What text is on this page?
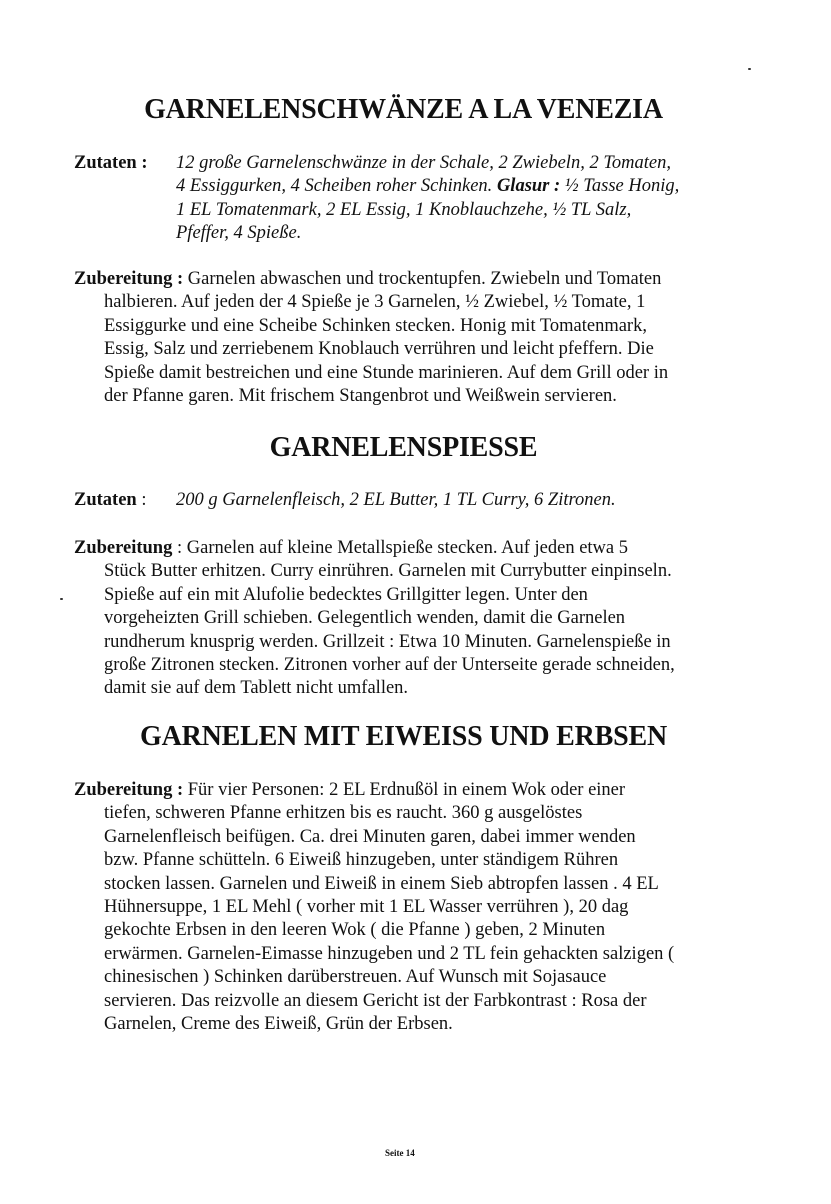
GARNELENSCHWÄNZE A LA VENEZIA
Zutaten : 12 große Garnelenschwänze in der Schale, 2 Zwiebeln, 2 Tomaten,
4 Essiggurken, 4 Scheiben roher Schinken. Glasur : ½ Tasse Honig,
1 EL Tomatenmark, 2 EL Essig, 1 Knoblauchzehe, ½ TL Salz,
Pfeffer, 4 Spieße.
Zubereitung : Garnelen abwaschen und trockentupfen. Zwiebeln und Tomaten
halbieren. Auf jeden der 4 Spieße je 3 Garnelen, ½ Zwiebel, ½ Tomate, 1
Essiggurke und eine Scheibe Schinken stecken. Honig mit Tomatenmark,
Essig, Salz und zerriebenem Knoblauch verrühren und leicht pfeffern. Die
Spieße damit bestreichen und eine Stunde marinieren. Auf dem Grill oder in
der Pfanne garen. Mit frischem Stangenbrot und Weißwein servieren.
GARNELENSPIESSE
Zutaten : 200 g Garnelenfleisch, 2 EL Butter, 1 TL Curry, 6 Zitronen.
Zubereitung : Garnelen auf kleine Metallspieße stecken. Auf jeden etwa 5
Stück Butter erhitzen. Curry einrühren. Garnelen mit Currybutter einpinseln.
Spieße auf ein mit Alufolie bedecktes Grillgitter legen. Unter den
vorgeheizten Grill schieben. Gelegentlich wenden, damit die Garnelen
rundherum knusprig werden. Grillzeit : Etwa 10 Minuten. Garnelenspieße in
große Zitronen stecken. Zitronen vorher auf der Unterseite gerade schneiden,
damit sie auf dem Tablett nicht umfallen.
GARNELEN MIT EIWEISS UND ERBSEN
Zubereitung : Für vier Personen: 2 EL Erdnußöl in einem Wok oder einer
tiefen, schweren Pfanne erhitzen bis es raucht. 360 g ausgelöstes
Garnelenfleisch beifügen. Ca. drei Minuten garen, dabei immer wenden
bzw. Pfanne schütteln. 6 Eiweiß hinzugeben, unter ständigem Rühren
stocken lassen. Garnelen und Eiweiß in einem Sieb abtropfen lassen . 4 EL
Hühnersuppe, 1 EL Mehl ( vorher mit 1 EL Wasser verrühren ), 20 dag
gekochte Erbsen in den leeren Wok ( die Pfanne ) geben, 2 Minuten
erwärmen. Garnelen-Eimasse hinzugeben und 2 TL fein gehackten salzigen (
chinesischen ) Schinken darüberstreuen. Auf Wunsch mit Sojasauce
servieren. Das reizvolle an diesem Gericht ist der Farbkontrast : Rosa der
Garnelen, Creme des Eiweiß, Grün der Erbsen.
Seite 14
